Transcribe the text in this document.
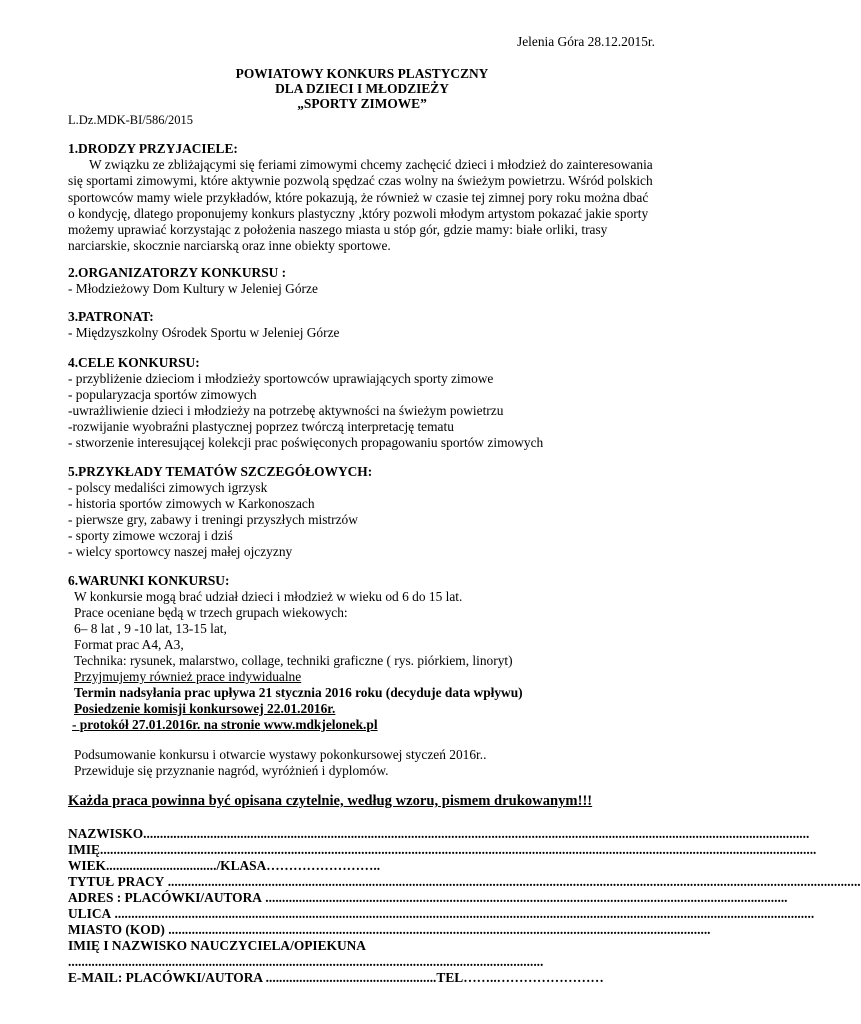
Jelenia Góra 28.12.2015r.
POWIATOWY KONKURS PLASTYCZNY
DLA DZIECI I MŁODZIEŻY
„SPORTY ZIMOWE”
L.Dz.MDK-BI/586/2015
1.DRODZY PRZYJACIELE:
W związku ze zbliżającymi się feriami zimowymi chcemy zachęcić dzieci i młodzież do zainteresowania
się sportami zimowymi, które aktywnie pozwolą spędzać czas wolny na świeżym powietrzu. Wśród polskich
sportowców mamy wiele przykładów, które pokazują, że również w czasie tej zimnej pory roku można dbać
o kondycję, dlatego proponujemy konkurs plastyczny ,który pozwoli młodym artystom pokazać jakie sporty
możemy uprawiać korzystając z położenia naszego miasta u stóp gór, gdzie mamy: białe orliki, trasy
narciarskie, skocznie narciarską oraz inne obiekty sportowe.
2.ORGANIZATORZY KONKURSU :
- Młodzieżowy Dom Kultury w Jeleniej Górze
3.PATRONAT:
- Międzyszkolny Ośrodek Sportu w Jeleniej Górze
4.CELE KONKURSU:
- przybliżenie dzieciom i młodzieży sportowców uprawiających sporty zimowe
- popularyzacja sportów zimowych
-uwrażliwienie dzieci i młodzieży na potrzebę aktywności na świeżym powietrzu
-rozwijanie wyobraźni plastycznej poprzez twórczą interpretację tematu
- stworzenie interesującej kolekcji prac poświęconych propagowaniu sportów zimowych
5.PRZYKŁADY TEMATÓW SZCZEGÓŁOWYCH:
- polscy medaliści zimowych igrzysk
- historia sportów zimowych w Karkonoszach
- pierwsze gry, zabawy i treningi przyszłych mistrzów
- sporty zimowe wczoraj i dziś
- wielcy sportowcy naszej małej ojczyzny
6.WARUNKI KONKURSU:
W konkursie mogą brać udział dzieci i młodzież w wieku od 6 do 15 lat.
Prace oceniane będą w trzech grupach wiekowych:
6– 8 lat , 9 -10 lat, 13-15 lat,
Format prac A4, A3,
Technika: rysunek, malarstwo, collage, techniki graficzne ( rys. piórkiem, linoryt)
Przyjmujemy również prace indywidualne
Termin nadsyłania prac upływa 21 stycznia 2016 roku (decyduje data wpływu)
Posiedzenie komisji konkursowej 22.01.2016r.
- protokół 27.01.2016r. na stronie www.mdkjelonek.pl
Podsumowanie konkursu i otwarcie wystawy pokonkursowej styczeń 2016r..
Przewiduje się przyznanie nagród, wyróżnień i dyplomów.
Każda praca powinna być opisana czytelnie, według wzoru, pismem drukowanym!!!
NAZWISKO ...................................................................................................................................................................................................... .
IMIĘ ......................................................................................................................................................................................................................
WIEK................................./KLASA……………………..
TYTUŁ PRACY ...............................................................................................................................................................................................................
ADRES : PLACÓWKI/AUTORA ............................................................................................................................................................
ULICA .................................................................................................................................................................................................................
MIASTO (KOD) ..................................................................................................................................................................
IMIĘ I NAZWISKO NAUCZYCIELA/OPIEKUNA
..............................................................................................................................................
E-MAIL: PLACÓWKI/AUTORA ...................................................TEL……..……………………
